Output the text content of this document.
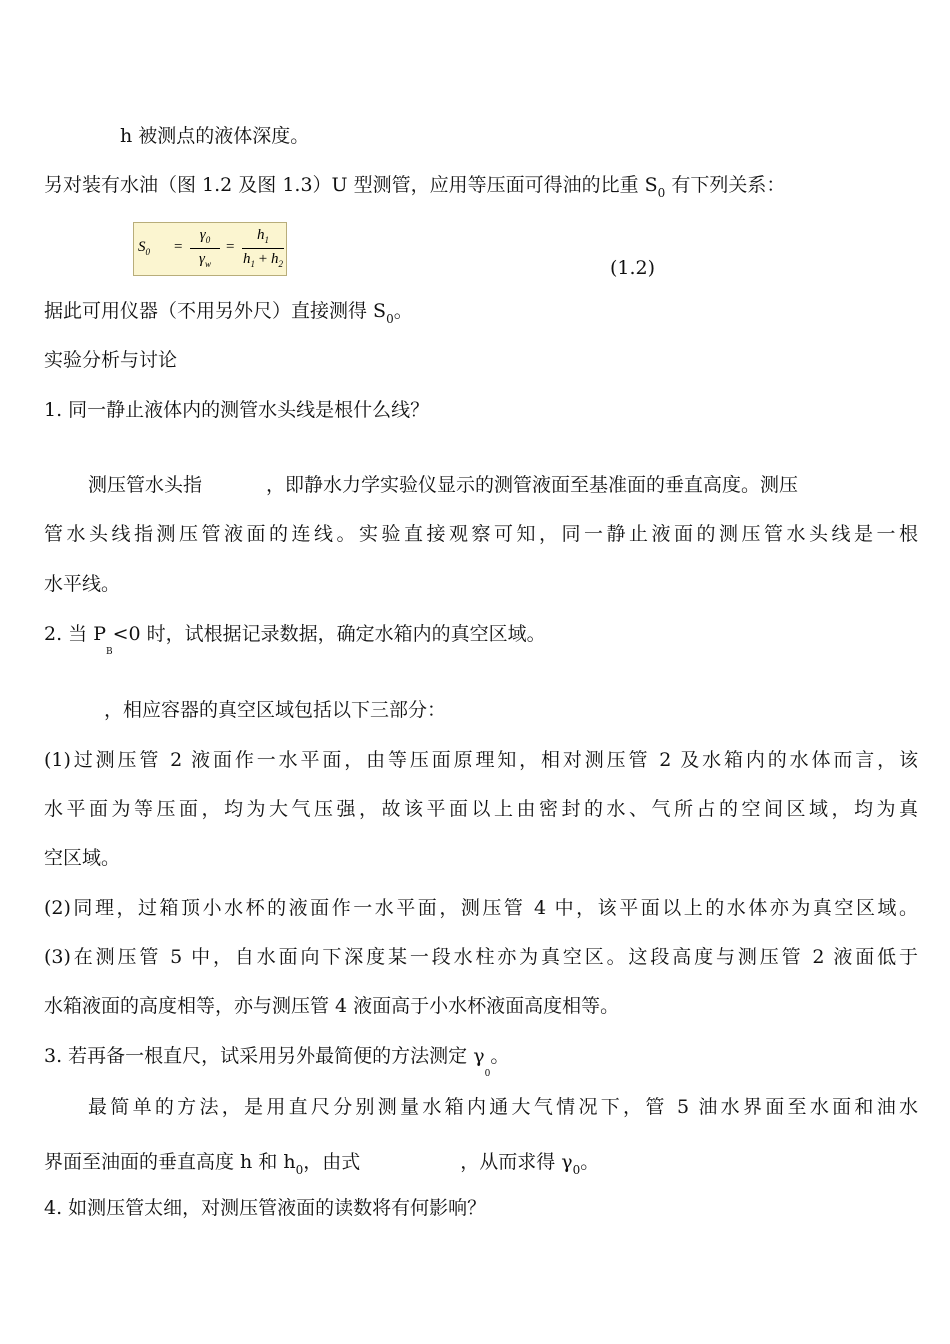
h 被测点的液体深度。
另对装有水油（图 1.2 及图 1.3）U 型测管，应用等压面可得油的比重 $S_0$ 有下列关系：
$S_0$ =
$\gamma_0$
$\gamma_w$
=
$h_1$
$h_1 + h_2$	(1.2)
据此可用仪器（不用另外尺）直接测得 $S_0$。
实验分析与讨论
1. 同一静止液体内的测管水头线是根什么线？
测压管水头指	，即静水力学实验仪显示的测管液面至基准面的垂直高度。测压
管水头线指测压管液面的连线。实验直接观察可知，同一静止液面的测压管水头线是一根
水平线。
2. 当 $P_B<0$ 时，试根据记录数据，确定水箱内的真空区域。
，相应容器的真空区域包括以下三部分：
(1)过测压管 2 液面作一水平面，由等压面原理知，相对测压管 2 及水箱内的水体而言，该
水平面为等压面，均为大气压强，故该平面以上由密封的水、气所占的空间区域，均为真
空区域。
(2)同理，过箱顶小水杯的液面作一水平面，测压管 4 中，该平面以上的水体亦为真空区域。
(3)在测压管 5 中，自水面向下深度某一段水柱亦为真空区。这段高度与测压管 2 液面低于
水箱液面的高度相等，亦与测压管 4 液面高于小水杯液面高度相等。
3. 若再备一根直尺，试采用另外最简便的方法测定 $\gamma_0$。
最简单的方法，是用直尺分别测量水箱内通大气情况下，管 5 油水界面至水面和油水
界面至油面的垂直高度 h 和 $h_0$，由式	，从而求得 $\gamma_0$。
4. 如测压管太细，对测压管液面的读数将有何影响？
